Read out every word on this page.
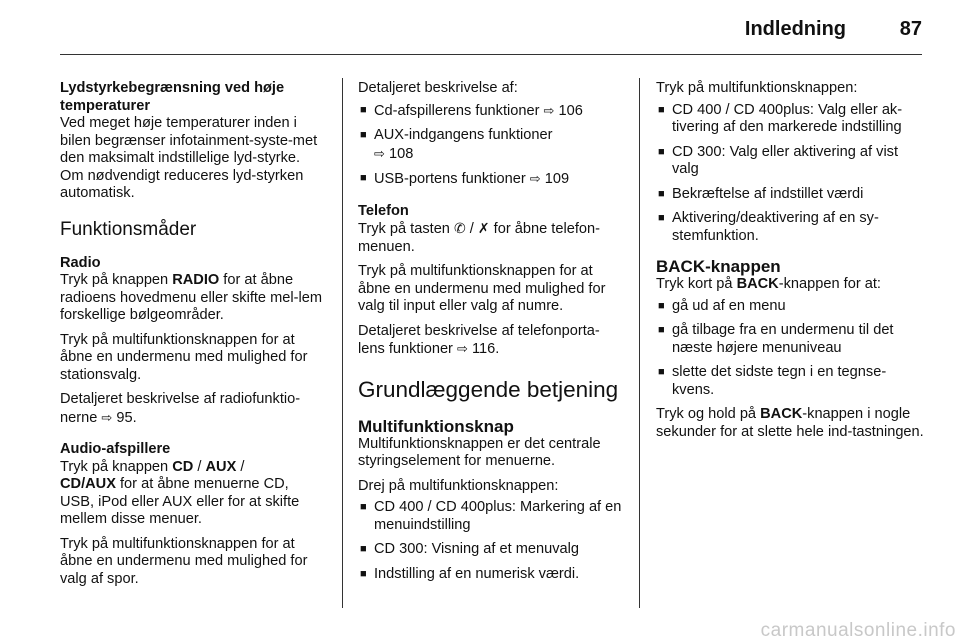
Indledning	87

Lydstyrkebegrænsning ved høje temperaturer

Ved meget høje temperaturer inden i bilen begrænser infotainment-syste-met den maksimalt indstillelige lyd-styrke. Om nødvendigt reduceres lyd-styrken automatisk.

Funktionsmåder

Radio

Tryk på knappen RADIO for at åbne radioens hovedmenu eller skifte mel-lem forskellige bølgeområder.

Tryk på multifunktionsknappen for at åbne en undermenu med mulighed for stationsvalg.

Detaljeret beskrivelse af radiofunktio-nerne ⇨ 95.

Audio-afspillere

Tryk på knappen CD / AUX /
CD/AUX for at åbne menuerne CD, USB, iPod eller AUX eller for at skifte mellem disse menuer.

Tryk på multifunktionsknappen for at åbne en undermenu med mulighed for valg af spor.

Detaljeret beskrivelse af:

■ Cd-afspillerens funktioner ⇨ 106
■ AUX-indgangens funktioner
⇨ 108
■ USB-portens funktioner ⇨ 109

Telefon

Tryk på tasten ✆ / ✗ for åbne telefon-menuen.

Tryk på multifunktionsknappen for at åbne en undermenu med mulighed for valg til input eller valg af numre.

Detaljeret beskrivelse af telefonporta-lens funktioner ⇨ 116.

Grundlæggende betjening
Multifunktionsknap

Multifunktionsknappen er det centrale styringselement for menuerne.

Drej på multifunktionsknappen:

■ CD 400 / CD 400plus: Markering af en menuindstilling
■ CD 300: Visning af et menuvalg
■ Indstilling af en numerisk værdi.

Tryk på multifunktionsknappen:

■ CD 400 / CD 400plus: Valg eller ak-tivering af den markerede indstilling
■ CD 300: Valg eller aktivering af vist valg
■ Bekræftelse af indstillet værdi
■ Aktivering/deaktivering af en sy-stemfunktion.
BACK-knappen

Tryk kort på BACK-knappen for at:

■ gå ud af en menu
■ gå tilbage fra en undermenu til det næste højere menuniveau
■ slette det sidste tegn i en tegnse-kvens.

Tryk og hold på BACK-knappen i nogle sekunder for at slette hele ind-tastningen.

carmanualsonline.info
